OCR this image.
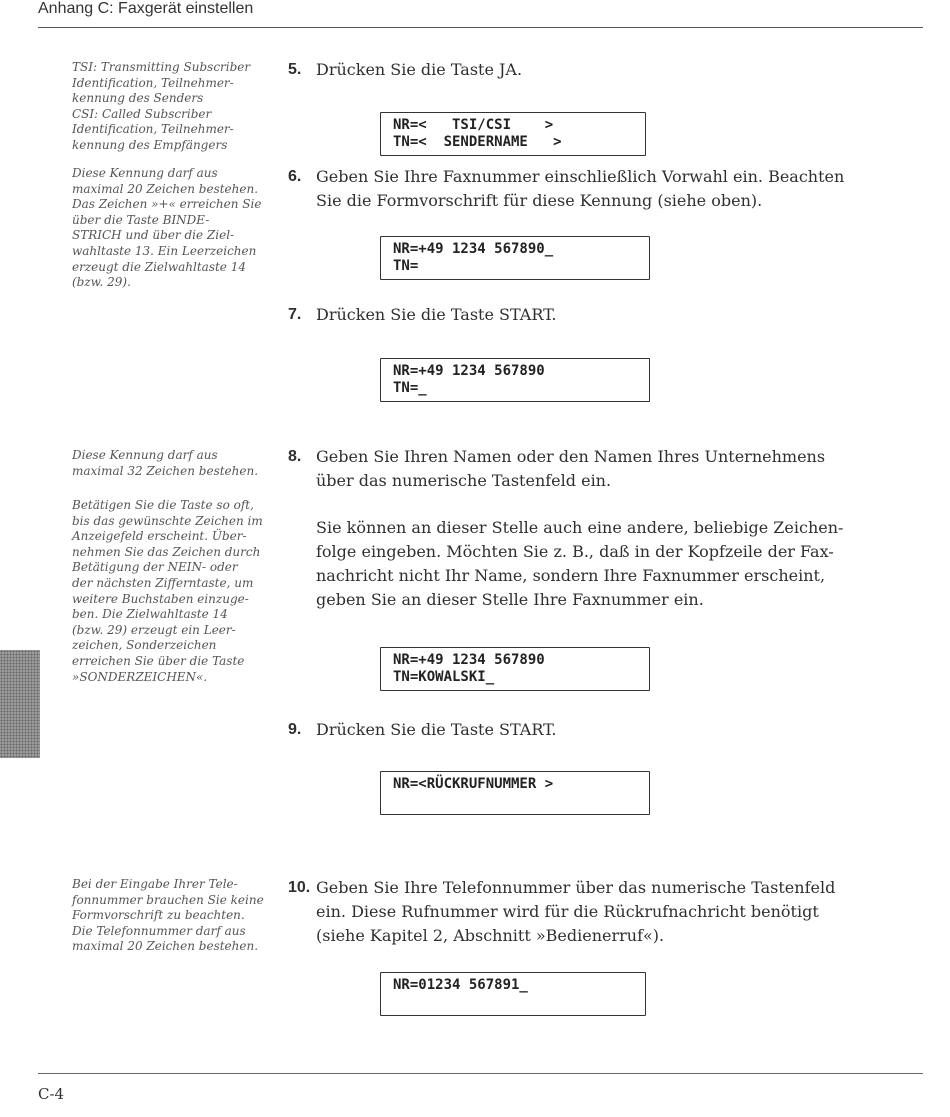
Anhang C: Faxgerät einstellen

TSI: Transmitting Subscriber

Identification, Teilnehmer-

kennung des Senders

CSI: Called Subscriber

Identification, Teilnehmer-

kennung des Empfängers

Diese Kennung darf aus

maximal 20 Zeichen bestehen.

Das Zeichen »+« erreichen Sie

über die Taste BINDE-

STRICH und über die Ziel-

wahltaste 13. Ein Leerzeichen

erzeugt die Zielwahltaste 14

(bzw. 29).

Diese Kennung darf aus

maximal 32 Zeichen bestehen.

Betätigen Sie die Taste so oft,

bis das gewünschte Zeichen im

Anzeigefeld erscheint. Über-

nehmen Sie das Zeichen durch

Betätigung der NEIN- oder

der nächsten Zifferntaste, um

weitere Buchstaben einzuge-

ben. Die Zielwahltaste 14

(bzw. 29) erzeugt ein Leer-

zeichen, Sonderzeichen

erreichen Sie über die Taste

»SONDERZEICHEN«.

Bei der Eingabe Ihrer Tele-

fonnummer brauchen Sie keine

Formvorschrift zu beachten.

Die Telefonnummer darf aus

maximal 20 Zeichen bestehen.

5. Drücken Sie die Taste JA.
NR=<   TSI/CSI    >
TN=<  SENDERNAME   >
6. Geben Sie Ihre Faxnummer einschließlich Vorwahl ein. Beachten
Sie die Formvorschrift für diese Kennung (siehe oben).
NR=+49 1234 567890_
TN=
7. Drücken Sie die Taste START.
NR=+49 1234 567890
TN=_
8. Geben Sie Ihren Namen oder den Namen Ihres Unternehmens
über das numerische Tastenfeld ein.
Sie können an dieser Stelle auch eine andere, beliebige Zeichen-
folge eingeben. Möchten Sie z. B., daß in der Kopfzeile der Fax-
nachricht nicht Ihr Name, sondern Ihre Faxnummer erscheint,
geben Sie an dieser Stelle Ihre Faxnummer ein.
NR=+49 1234 567890
TN=KOWALSKI_
9. Drücken Sie die Taste START.
NR=<RÜCKRUFNUMMER >
10. Geben Sie Ihre Telefonnummer über das numerische Tastenfeld
ein. Diese Rufnummer wird für die Rückrufnachricht benötigt
(siehe Kapitel 2, Abschnitt »Bedienerruf«).
NR=01234 567891_
C-4
